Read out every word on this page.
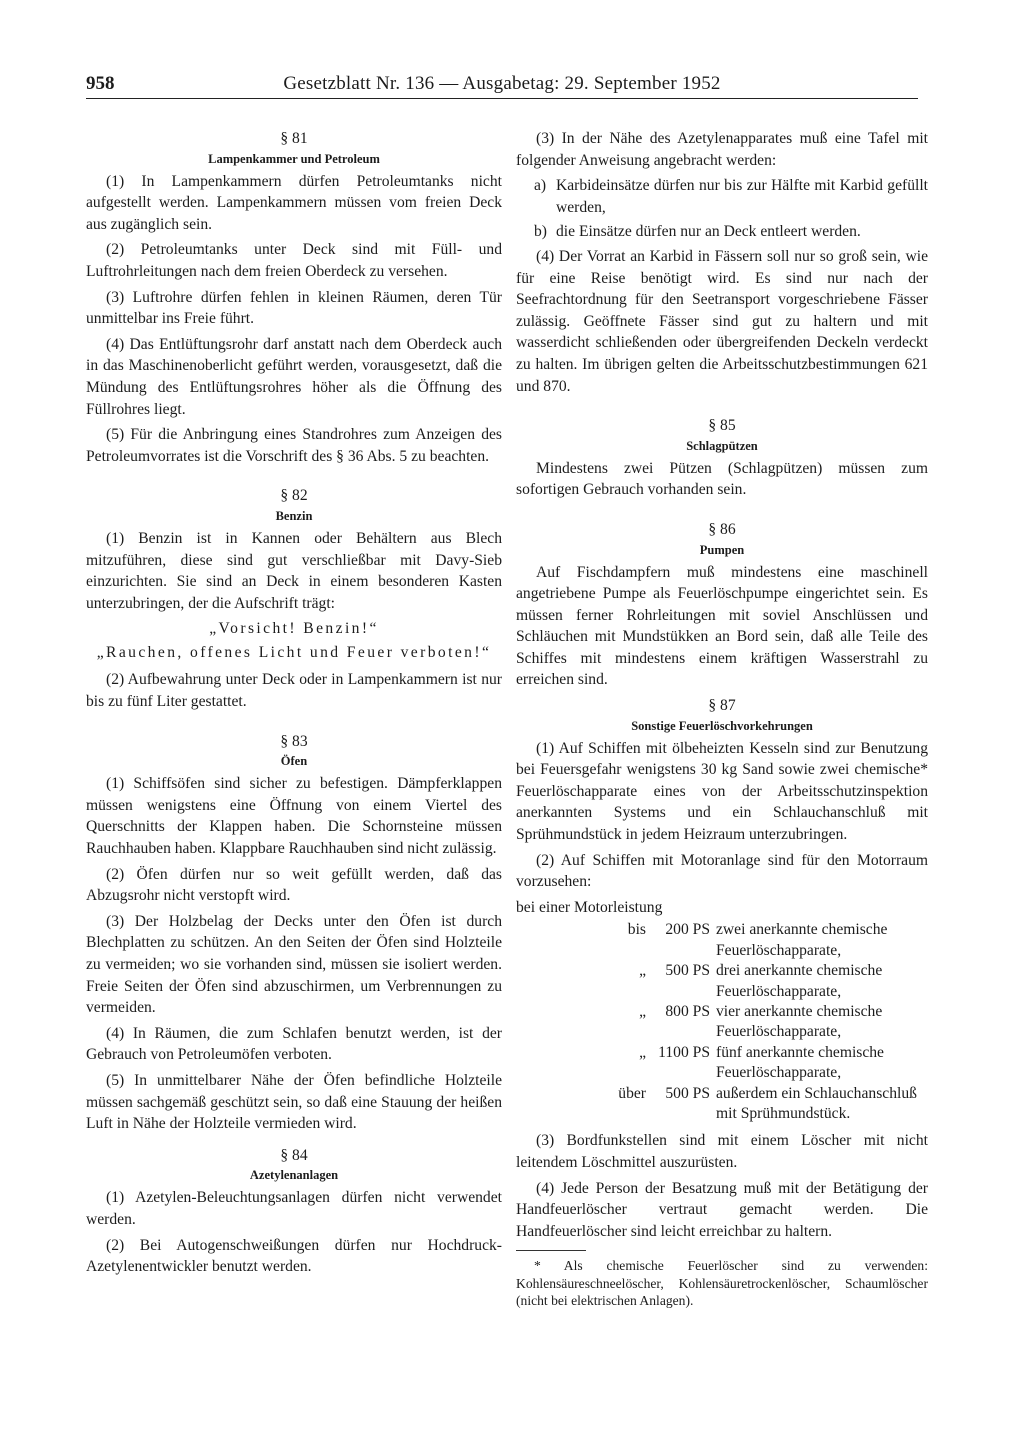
958	Gesetzblatt Nr. 136 — Ausgabetag: 29. September 1952
§ 81
Lampenkammer und Petroleum

(1) In Lampenkammern dürfen Petroleumtanks nicht aufgestellt werden. Lampenkammern müssen vom freien Deck aus zugänglich sein.

(2) Petroleumtanks unter Deck sind mit Füll- und Luftrohrleitungen nach dem freien Oberdeck zu versehen.

(3) Luftrohre dürfen fehlen in kleinen Räumen, deren Tür unmittelbar ins Freie führt.

(4) Das Entlüftungsrohr darf anstatt nach dem Oberdeck auch in das Maschinenoberlicht geführt werden, vorausgesetzt, daß die Mündung des Entlüftungsrohres höher als die Öffnung des Füllrohres liegt.

(5) Für die Anbringung eines Standrohres zum Anzeigen des Petroleumvorrates ist die Vorschrift des § 36 Abs. 5 zu beachten.

§ 82
Benzin

(1) Benzin ist in Kannen oder Behältern aus Blech mitzuführen, diese sind gut verschließbar mit Davy-Sieb einzurichten. Sie sind an Deck in einem besonderen Kasten unterzubringen, der die Aufschrift trägt:

„Vorsicht! Benzin!“
„Rauchen, offenes Licht und Feuer verboten!“

(2) Aufbewahrung unter Deck oder in Lampenkammern ist nur bis zu fünf Liter gestattet.

§ 83
Öfen

(1) Schiffsöfen sind sicher zu befestigen. Dämpferklappen müssen wenigstens eine Öffnung von einem Viertel des Querschnitts der Klappen haben. Die Schornsteine müssen Rauchhauben haben. Klappbare Rauchhauben sind nicht zulässig.

(2) Öfen dürfen nur so weit gefüllt werden, daß das Abzugsrohr nicht verstopft wird.

(3) Der Holzbelag der Decks unter den Öfen ist durch Blechplatten zu schützen. An den Seiten der Öfen sind Holzteile zu vermeiden; wo sie vorhanden sind, müssen sie isoliert werden. Freie Seiten der Öfen sind abzuschirmen, um Verbrennungen zu vermeiden.

(4) In Räumen, die zum Schlafen benutzt werden, ist der Gebrauch von Petroleumöfen verboten.

(5) In unmittelbarer Nähe der Öfen befindliche Holzteile müssen sachgemäß geschützt sein, so daß eine Stauung der heißen Luft in Nähe der Holzteile vermieden wird.

§ 84
Azetylenanlagen

(1) Azetylen-Beleuchtungsanlagen dürfen nicht verwendet werden.

(2) Bei Autogenschweißungen dürfen nur Hochdruck-Azetylenentwickler benutzt werden.

(3) In der Nähe des Azetylenapparates muß eine Tafel mit folgender Anweisung angebracht werden:

a) Karbideinsätze dürfen nur bis zur Hälfte mit Karbid gefüllt werden,
b) die Einsätze dürfen nur an Deck entleert werden.

(4) Der Vorrat an Karbid in Fässern soll nur so groß sein, wie für eine Reise benötigt wird. Es sind nur nach der Seefrachtordnung für den Seetransport vorgeschriebene Fässer zulässig. Geöffnete Fässer sind gut zu haltern und mit wasserdicht schließenden oder übergreifenden Deckeln verdeckt zu halten. Im übrigen gelten die Arbeitsschutzbestimmungen 621 und 870.

§ 85
Schlagpützen

Mindestens zwei Pützen (Schlagpützen) müssen zum sofortigen Gebrauch vorhanden sein.

§ 86
Pumpen

Auf Fischdampfern muß mindestens eine maschinell angetriebene Pumpe als Feuerlöschpumpe eingerichtet sein. Es müssen ferner Rohrleitungen mit soviel Anschlüssen und Schläuchen mit Mundstükken an Bord sein, daß alle Teile des Schiffes mit mindestens einem kräftigen Wasserstrahl zu erreichen sind.

§ 87
Sonstige Feuerlöschvorkehrungen

(1) Auf Schiffen mit ölbeheizten Kesseln sind zur Benutzung bei Feuersgefahr wenigstens 30 kg Sand sowie zwei chemische* Feuerlöschapparate eines von der Arbeitsschutzinspektion anerkannten Systems und ein Schlauchanschluß mit Sprühmundstück in jedem Heizraum unterzubringen.

(2) Auf Schiffen mit Motoranlage sind für den Motorraum vorzusehen:

bei einer Motorleistung
bis	200 PS	zwei anerkannte chemische Feuerlöschapparate,
„	500 PS	drei anerkannte chemische Feuerlöschapparate,
„	800 PS	vier anerkannte chemische Feuerlöschapparate,
„	1100 PS	fünf anerkannte chemische Feuerlöschapparate,
über	500 PS	außerdem ein Schlauchanschluß mit Sprühmundstück.

(3) Bordfunkstellen sind mit einem Löscher mit nicht leitendem Löschmittel auszurüsten.

(4) Jede Person der Besatzung muß mit der Betätigung der Handfeuerlöscher vertraut gemacht werden. Die Handfeuerlöscher sind leicht erreichbar zu haltern.

* Als chemische Feuerlöscher sind zu verwenden: Kohlensäureschneelöscher, Kohlensäuretrockenlöscher, Schaumlöscher (nicht bei elektrischen Anlagen).
